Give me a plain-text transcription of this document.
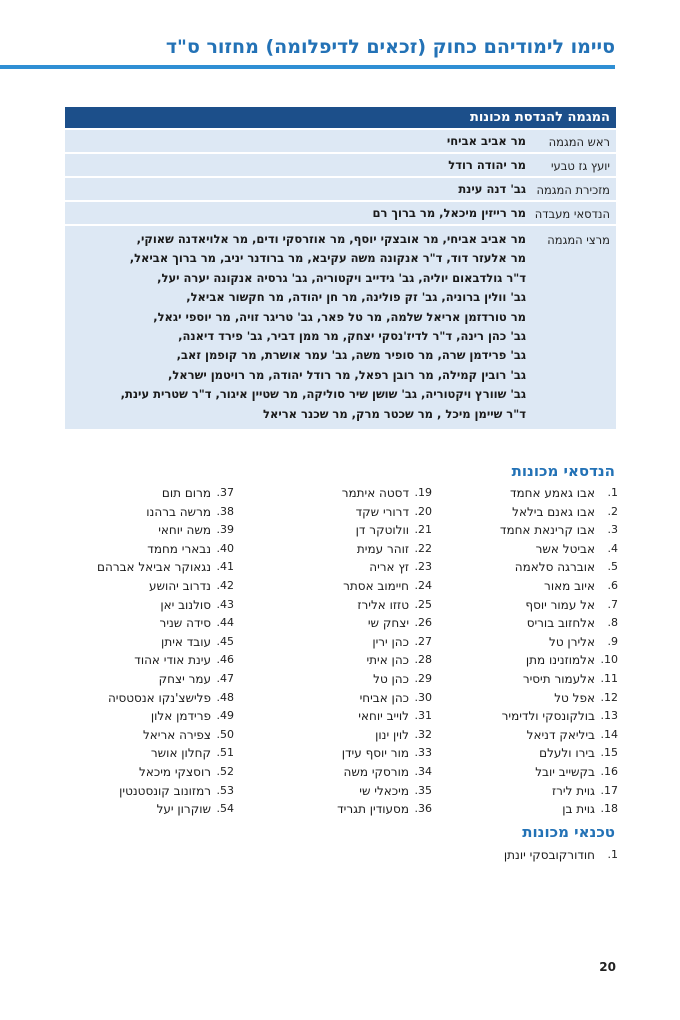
סיימו לימודיהם כחוק (זכאים לדיפלומה) מחזור ס"ד
המגמה להנדסת מכונות
ראש המגמה
מר אביב אביחי
יועץ גז טבעי
מר יהודה רודל
מזכירת המגמה
גב' דנה עינת
הנדסאי מעבדה
מר רייזין מיכאל, מר ברוך רם
מרצי המגמה
מר אביב אביחי, מר אובצקי יוסף, מר אוזרסקי ודים, מר אלויאדנה שאוקי,
מר אלעזר דוד, ד"ר אנקונה משה עקיבא, מר ברודנר יניב, מר ברוך אביאל,
ד"ר גולדבאום יוליה, גב' גידייב ויקטוריה, גב' גרסיה אנקונה יערה יעל,
גב' וולין ברוניה, גב' זק פולינה, מר חן יהודה, מר חקשור אביאל,
מר טורדזמן אריאל שלמה, מר טל פאר, גב' טריגר זויה, מר יוספי יגאל,
גב' כהן רינה, ד"ר לדיז'נסקי יצחק, מר ממן דביר, גב' פירד דיאנה,
גב' פרידמן שרה, מר סופיר משה, גב' עמר אושרת, מר קופמן זאב,
גב' רובין קמילה, מר רובן רפאל, מר רודל יהודה, מר רויטמן ישראל,
גב' שוורץ ויקטוריה, גב' שושן שיר סוליקה, מר שטיין איגור, ד"ר שטרית עינת,
ד"ר שיימן מיכל , מר שכטר מרק, מר שכנר אריאל
הנדסאי מכונות
1.
אבו גאמע אחמד
2.
אבו גאנם בילאל
3.
אבו קרינאת אחמד
4.
אביטל אשר
5.
אוברגה סלאמה
6.
איוב מאור
7.
אל עמור יוסף
8.
אלחזוב בוריס
9.
אלירן טל
10.
אלמוזנינו מתן
11.
אלעמור תיסיר
12.
אפל טל
13.
בולקונסקי ולדימיר
14.
ביליאק דניאל
15.
בירו ולעלם
16.
בקשייב יובל
17.
גוית לירז
18.
גוית בן
19.
דסטה איתמר
20.
דרורי שקד
21.
וולוטקר דן
22.
זוהר עמית
23.
זץ אריה
24.
חיימוב אסתר
25.
טזזו אלירז
26.
יצחק שי
27.
כהן ירין
28.
כהן איתי
29.
כהן טל
30.
כהן אביחי
31.
לוייב יוחאי
32.
לוין ינון
33.
מור יוסף עידן
34.
מורסקי משה
35.
מיכאלי שי
36.
מסעודין תגריד
37.
מרום תום
38.
מרשה ברהנו
39.
משה יוחאי
40.
נבארי מחמד
41.
נגאוקר אביאל אברהם
42.
נדרוב יהושע
43.
סולנוב יאן
44.
סידה שניר
45.
עובד איתן
46.
עינת אודי אהוד
47.
עמר יצחק
48.
פלישצ'נקו אנסטסיה
49.
פרידמן אלון
50.
צפירה אריאל
51.
קחלון אושר
52.
רוסצקי מיכאל
53.
רמזונוב קונסטנטין
54.
שוקרון יעל
טכנאי מכונות
1.
חודורקובסקי יונתן
20
